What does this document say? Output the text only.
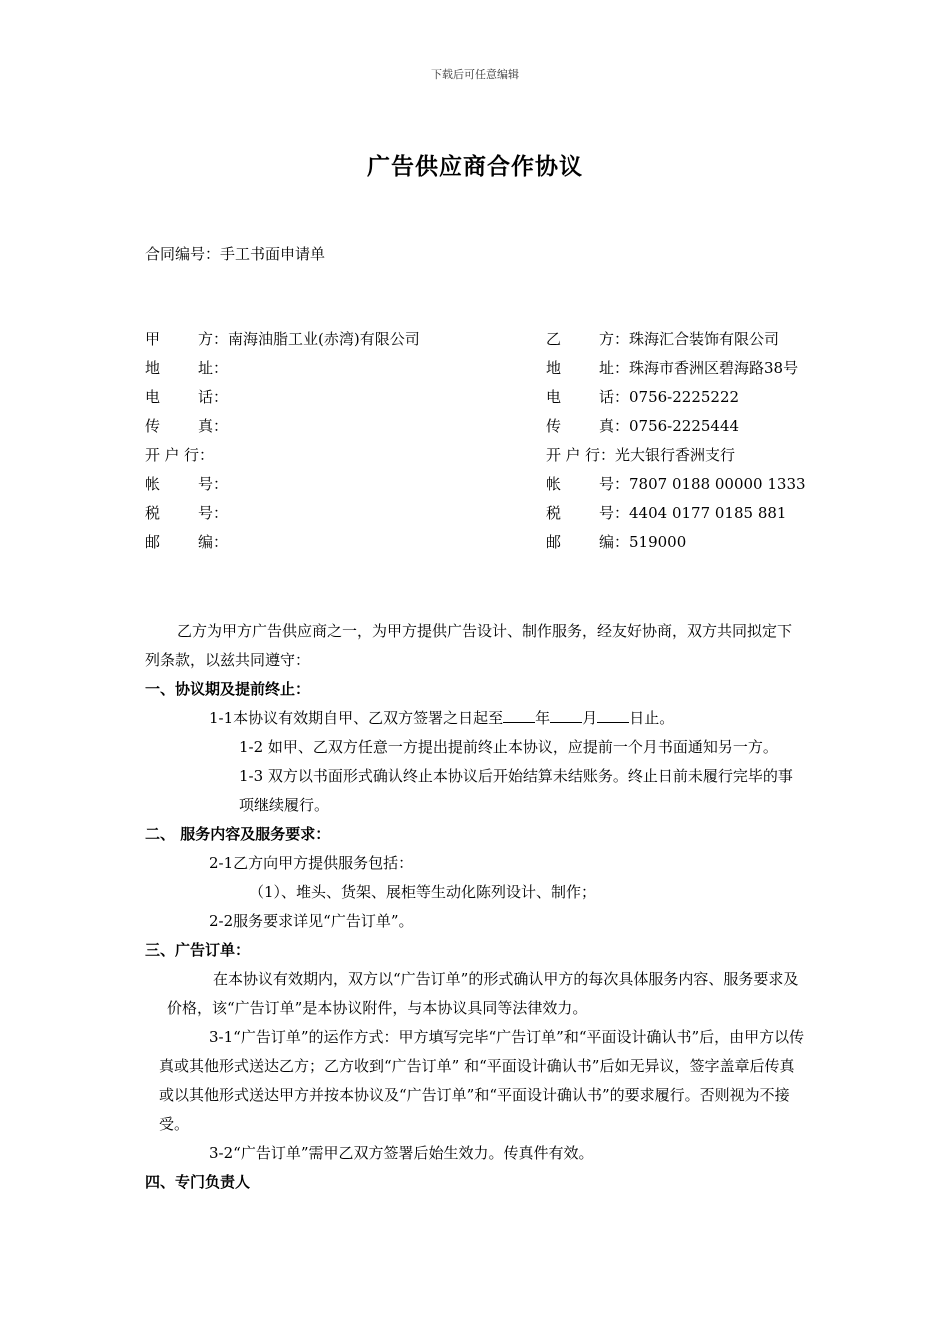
下载后可任意编辑
广告供应商合作协议
合同编号：手工书面申请单
甲方：南海油脂工业(赤湾)有限公司
地址：
电话：
传真：
开户行：
帐号：
税号：
邮编：
乙方：珠海汇合装饰有限公司
地址：珠海市香洲区碧海路38号
电话：0756-2225222
传真：0756-2225444
开户行：光大银行香洲支行
帐号：7807 0188 00000 1333
税号：4404 0177 0185 881
邮编：519000

乙方为甲方广告供应商之一，为甲方提供广告设计、制作服务，经友好协商，双方共同拟定下列条款，以兹共同遵守：

一、协议期及提前终止：

1-1本协议有效期自甲、乙双方签署之日起至 年 月 日止。

1-2 如甲、乙双方任意一方提出提前终止本协议，应提前一个月书面通知另一方。

1-3 双方以书面形式确认终止本协议后开始结算未结账务。终止日前未履行完毕的事项继续履行。

二、 服务内容及服务要求：

2-1乙方向甲方提供服务包括：

（1）、堆头、货架、展柜等生动化陈列设计、制作；

2-2服务要求详见“广告订单”。

三、广告订单：

在本协议有效期内，双方以“广告订单”的形式确认甲方的每次具体服务内容、服务要求及价格，该“广告订单”是本协议附件，与本协议具同等法律效力。

3-1“广告订单”的运作方式：甲方填写完毕“广告订单”和“平面设计确认书”后，由甲方以传真或其他形式送达乙方；乙方收到“广告订单” 和“平面设计确认书”后如无异议，签字盖章后传真或以其他形式送达甲方并按本协议及“广告订单”和“平面设计确认书”的要求履行。否则视为不接受。

3-2“广告订单”需甲乙双方签署后始生效力。传真件有效。

四、专门负责人
